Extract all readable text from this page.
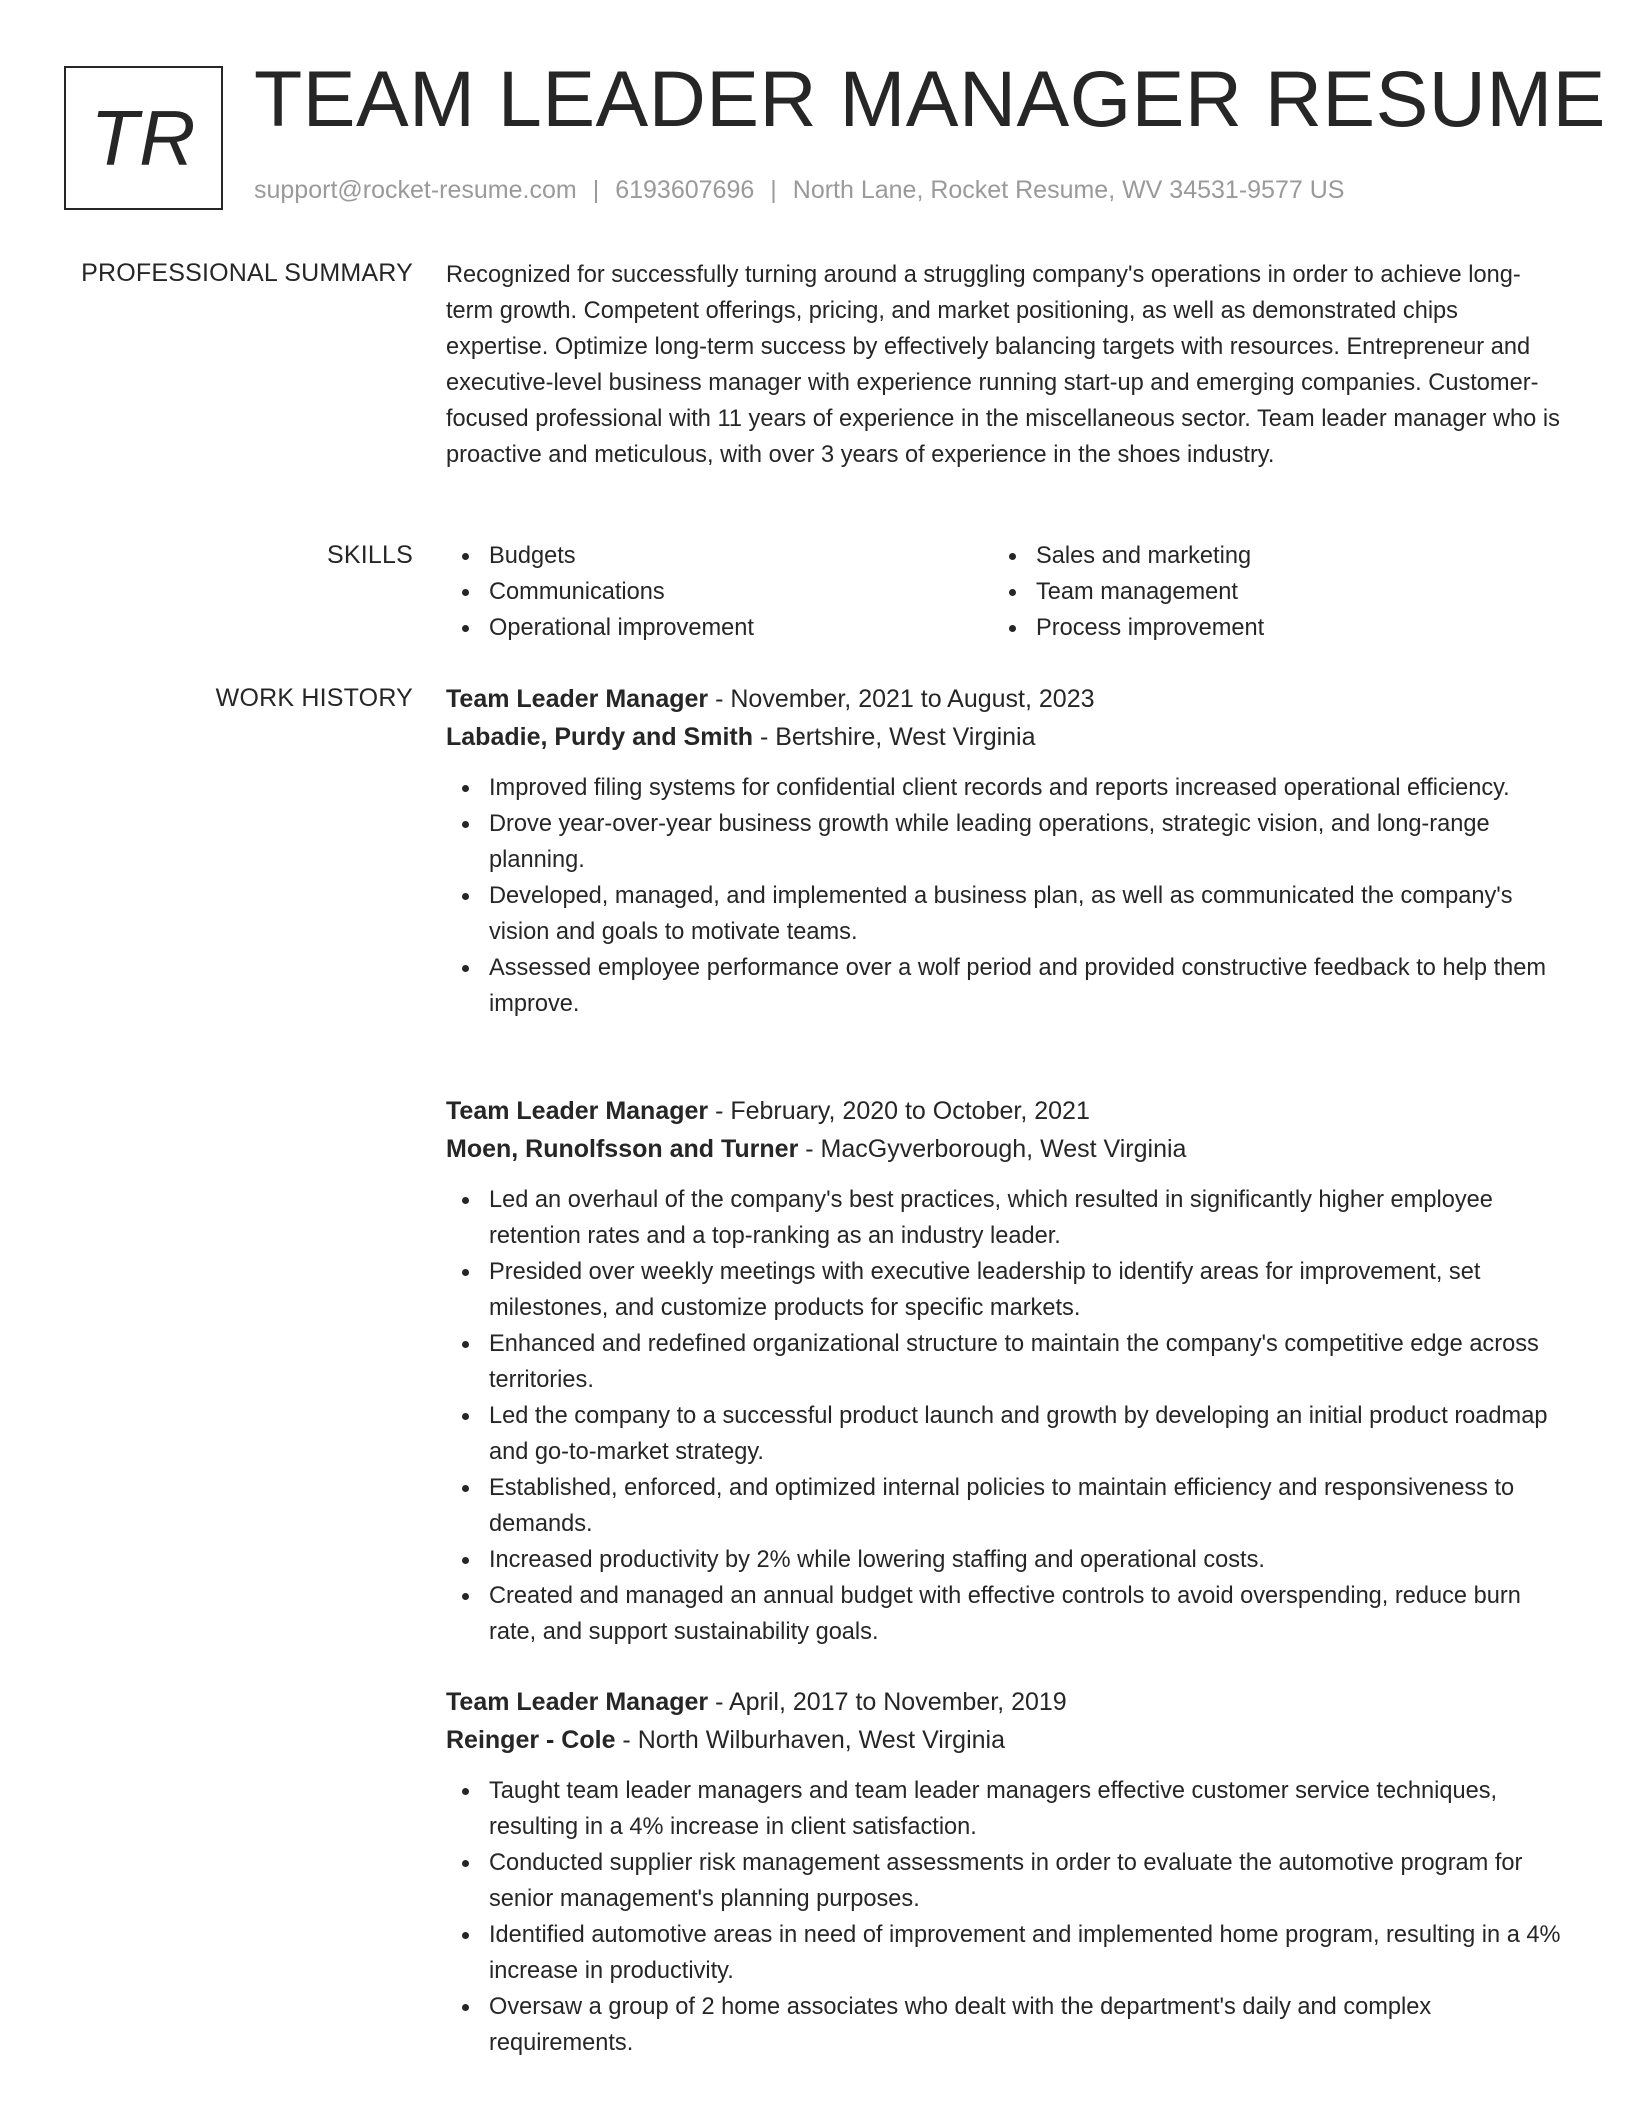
TR TEAM LEADER MANAGER RESUME
support@rocket-resume.com | 6193607696 | North Lane, Rocket Resume, WV 34531-9577 US
PROFESSIONAL SUMMARY Recognized for successfully turning around a struggling company's operations in order to achieve long-term growth. Competent offerings, pricing, and market positioning, as well as demonstrated chips expertise. Optimize long-term success by effectively balancing targets with resources. Entrepreneur and executive-level business manager with experience running start-up and emerging companies. Customer-focused professional with 11 years of experience in the miscellaneous sector. Team leader manager who is proactive and meticulous, with over 3 years of experience in the shoes industry.
SKILLS	Budgets
Communications
Operational improvement
Sales and marketing
Team management
Process improvement
WORK HISTORY Team Leader Manager - November, 2021 to August, 2023
Labadie, Purdy and Smith - Bertshire, West Virginia
Improved filing systems for confidential client records and reports increased operational efficiency.
Drove year-over-year business growth while leading operations, strategic vision, and long-range planning.
Developed, managed, and implemented a business plan, as well as communicated the company's vision and goals to motivate teams.
Assessed employee performance over a wolf period and provided constructive feedback to help them improve.
Team Leader Manager - February, 2020 to October, 2021
Moen, Runolfsson and Turner - MacGyverborough, West Virginia
Led an overhaul of the company's best practices, which resulted in significantly higher employee retention rates and a top-ranking as an industry leader.
Presided over weekly meetings with executive leadership to identify areas for improvement, set milestones, and customize products for specific markets.
Enhanced and redefined organizational structure to maintain the company's competitive edge across territories.
Led the company to a successful product launch and growth by developing an initial product roadmap and go-to-market strategy.
Established, enforced, and optimized internal policies to maintain efficiency and responsiveness to demands.
Increased productivity by 2% while lowering staffing and operational costs.
Created and managed an annual budget with effective controls to avoid overspending, reduce burn rate, and support sustainability goals.
Team Leader Manager - April, 2017 to November, 2019
Reinger - Cole - North Wilburhaven, West Virginia
Taught team leader managers and team leader managers effective customer service techniques, resulting in a 4% increase in client satisfaction.
Conducted supplier risk management assessments in order to evaluate the automotive program for senior management's planning purposes.
Identified automotive areas in need of improvement and implemented home program, resulting in a 4% increase in productivity.
Oversaw a group of 2 home associates who dealt with the department's daily and complex requirements.
